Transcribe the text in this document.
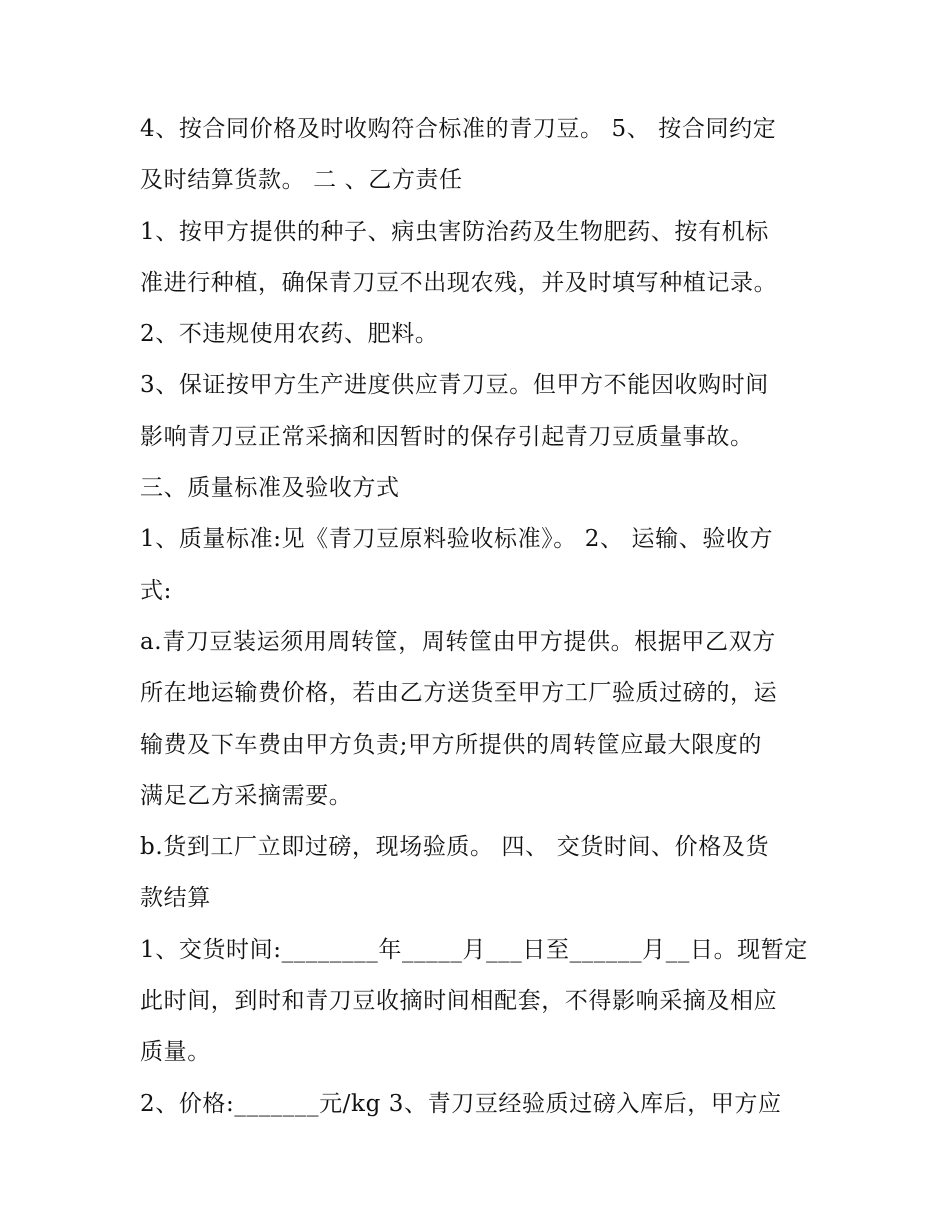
4、按合同价格及时收购符合标准的青刀豆。 5、 按合同约定
及时结算货款。 二 、乙方责任
1、按甲方提供的种子、病虫害防治药及生物肥药、按有机标
准进行种植，确保青刀豆不出现农残，并及时填写种植记录。
2、不违规使用农药、肥料。
3、保证按甲方生产进度供应青刀豆。但甲方不能因收购时间
影响青刀豆正常采摘和因暂时的保存引起青刀豆质量事故。
三、质量标准及验收方式
1、质量标准:见《青刀豆原料验收标准》。 2、 运输、验收方
式:
a.青刀豆装运须用周转筐，周转筐由甲方提供。根据甲乙双方
所在地运输费价格，若由乙方送货至甲方工厂验质过磅的，运
输费及下车费由甲方负责;甲方所提供的周转筐应最大限度的
满足乙方采摘需要。
b.货到工厂立即过磅，现场验质。 四、 交货时间、价格及货
款结算
1、交货时间:________年_____月___日至______月__日。现暂定
此时间，到时和青刀豆收摘时间相配套，不得影响采摘及相应
质量。
2、价格:_______元/kg 3、青刀豆经验质过磅入库后，甲方应
